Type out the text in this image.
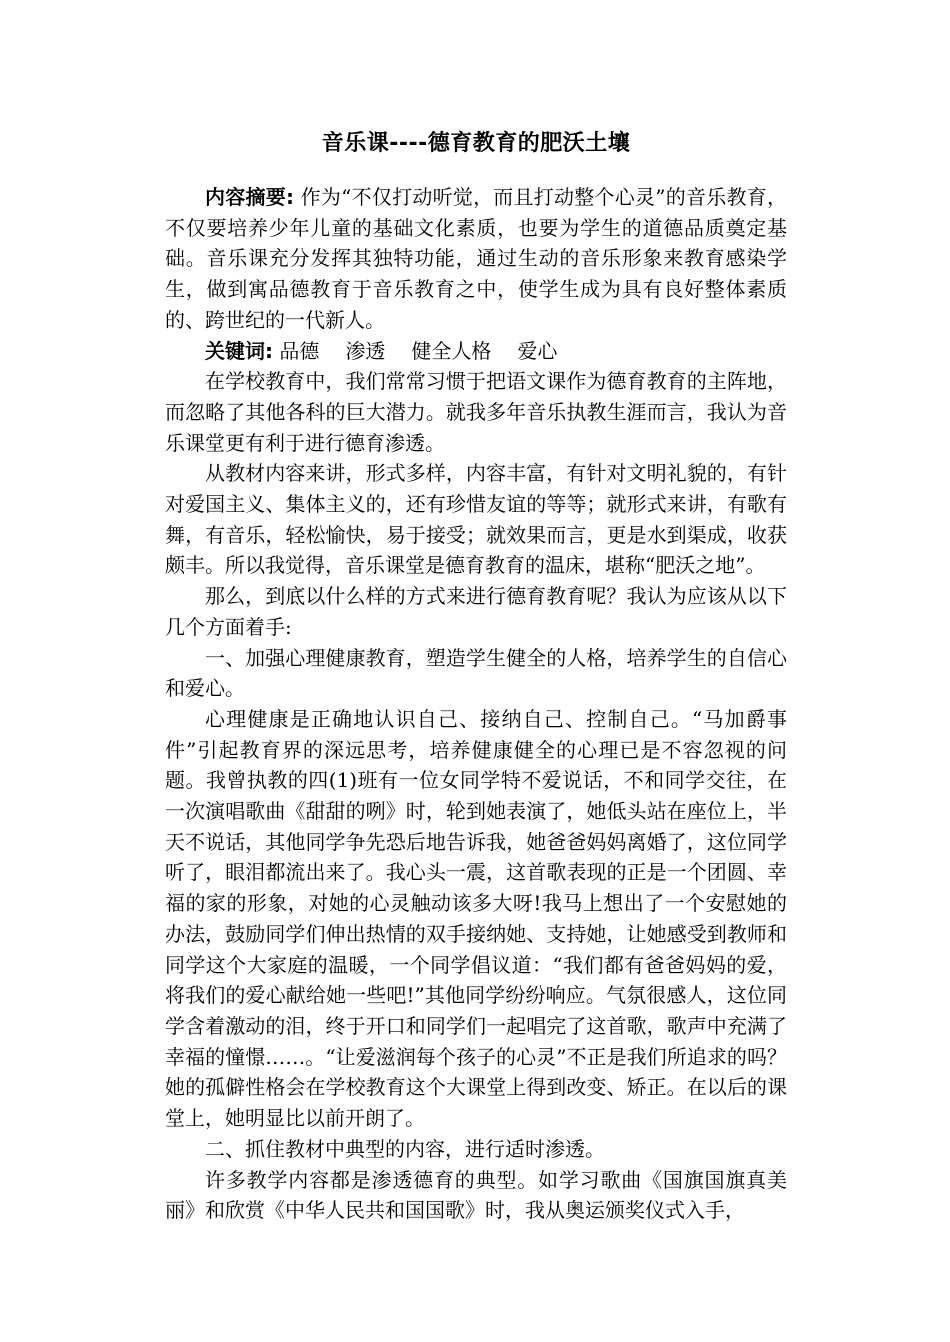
音乐课----德育教育的肥沃土壤

内容摘要: 作为“不仅打动听觉，而且打动整个心灵”的音乐教育，不仅要培养少年儿童的基础文化素质，也要为学生的道德品质奠定基础。音乐课充分发挥其独特功能，通过生动的音乐形象来教育感染学生，做到寓品德教育于音乐教育之中，使学生成为具有良好整体素质的、跨世纪的一代新人。

关键词: 品德 渗透 健全人格 爱心

在学校教育中，我们常常习惯于把语文课作为德育教育的主阵地，而忽略了其他各科的巨大潜力。就我多年音乐执教生涯而言，我认为音乐课堂更有利于进行德育渗透。

从教材内容来讲，形式多样，内容丰富，有针对文明礼貌的，有针对爱国主义、集体主义的，还有珍惜友谊的等等；就形式来讲，有歌有舞，有音乐，轻松愉快，易于接受；就效果而言，更是水到渠成，收获颇丰。所以我觉得，音乐课堂是德育教育的温床，堪称“肥沃之地”。

那么，到底以什么样的方式来进行德育教育呢？我认为应该从以下几个方面着手:

一、加强心理健康教育，塑造学生健全的人格，培养学生的自信心和爱心。

心理健康是正确地认识自己、接纳自己、控制自己。“马加爵事件”引起教育界的深远思考，培养健康健全的心理已是不容忽视的问题。我曾执教的四(1)班有一位女同学特不爱说话，不和同学交往，在一次演唱歌曲《甜甜的咧》时，轮到她表演了，她低头站在座位上，半天不说话，其他同学争先恐后地告诉我，她爸爸妈妈离婚了，这位同学听了，眼泪都流出来了。我心头一震，这首歌表现的正是一个团圆、幸福的家的形象，对她的心灵触动该多大呀!我马上想出了一个安慰她的办法，鼓励同学们伸出热情的双手接纳她、支持她，让她感受到教师和同学这个大家庭的温暖，一个同学倡议道：“我们都有爸爸妈妈的爱，将我们的爱心献给她一些吧!”其他同学纷纷响应。气氛很感人，这位同学含着激动的泪，终于开口和同学们一起唱完了这首歌，歌声中充满了幸福的憧憬……。“让爱滋润每个孩子的心灵”不正是我们所追求的吗？她的孤僻性格会在学校教育这个大课堂上得到改变、矫正。在以后的课堂上，她明显比以前开朗了。

二、抓住教材中典型的内容，进行适时渗透。

许多教学内容都是渗透德育的典型。如学习歌曲《国旗国旗真美丽》和欣赏《中华人民共和国国歌》时，我从奥运颁奖仪式入手，
